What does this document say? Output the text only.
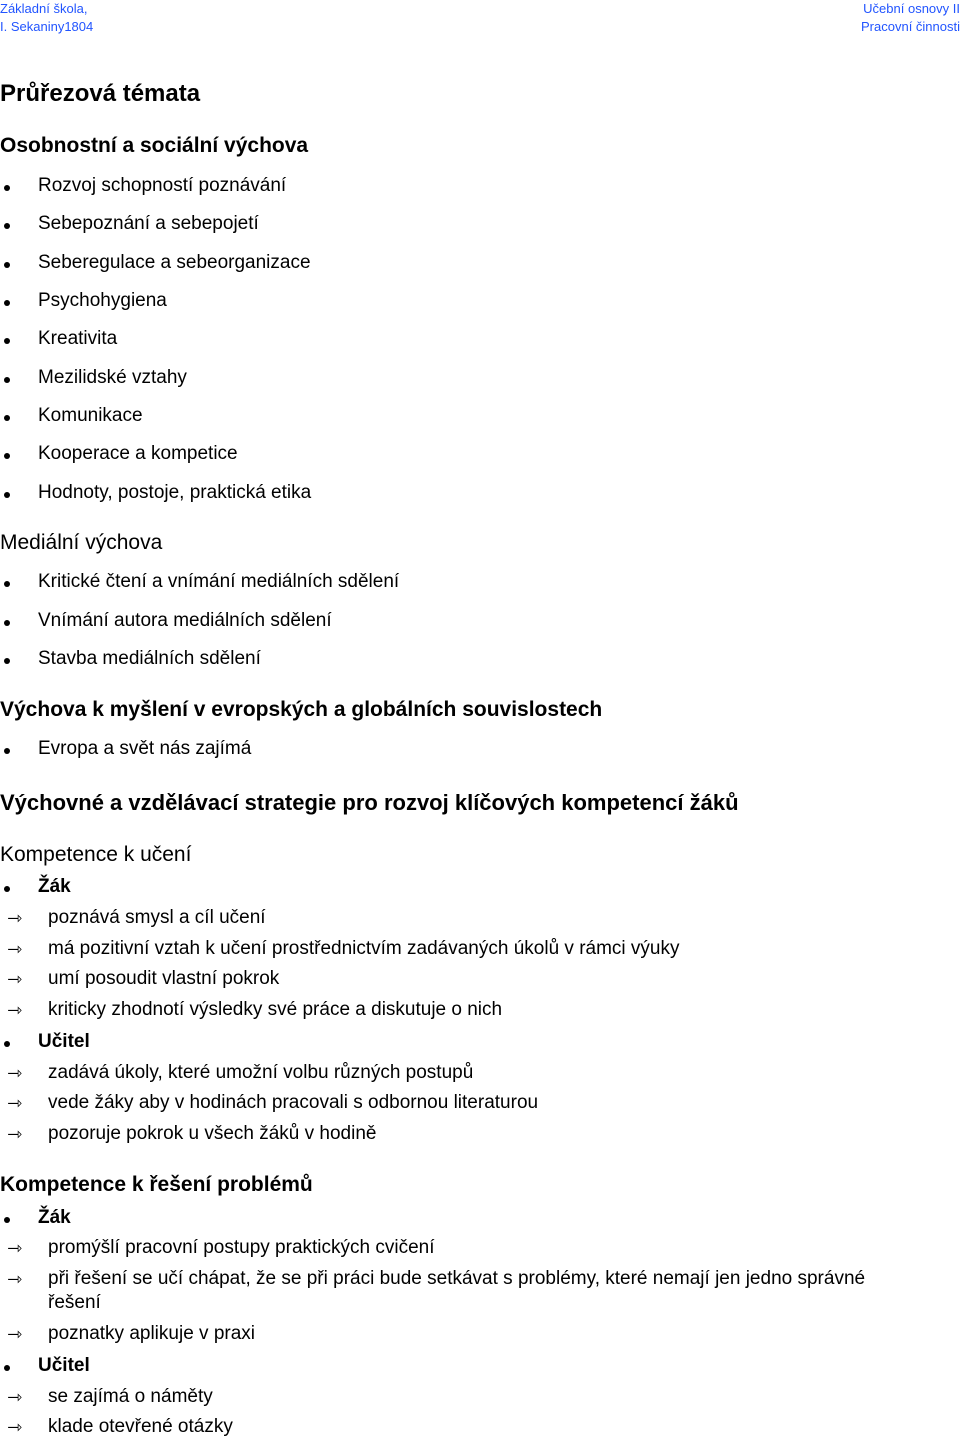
Základní škola,
I. Sekaniny1804
Učební osnovy II
Pracovní činnosti
Průřezová témata
Osobnostní a sociální výchova
Rozvoj schopností poznávání
Sebepoznání a sebepojetí
Seberegulace a sebeorganizace
Psychohygiena
Kreativita
Mezilidské vztahy
Komunikace
Kooperace a kompetice
Hodnoty, postoje, praktická etika
Mediální výchova
Kritické čtení a vnímání mediálních sdělení
Vnímání autora mediálních sdělení
Stavba mediálních sdělení
Výchova k myšlení v evropských a globálních souvislostech
Evropa a svět nás zajímá
Výchovné a vzdělávací strategie pro rozvoj klíčových kompetencí žáků
Kompetence k učení
Žák
⇾ poznává smysl a cíl učení
⇾ má pozitivní vztah k učení prostřednictvím zadávaných úkolů v rámci výuky
⇾ umí posoudit vlastní pokrok
⇾ kriticky zhodnotí výsledky své práce a diskutuje o nich
Učitel
⇾ zadává úkoly, které umožní volbu různých postupů
⇾ vede žáky aby v hodinách pracovali s odbornou literaturou
⇾ pozoruje pokrok u všech žáků v hodině
Kompetence k řešení problémů
Žák
⇾ promýšlí pracovní postupy praktických cvičení
⇾ při řešení se učí chápat, že se při práci bude setkávat s problémy, které nemají jen jedno správné
řešení
⇾ poznatky aplikuje v praxi
Učitel
⇾ se zajímá o náměty
⇾ klade otevřené otázky
